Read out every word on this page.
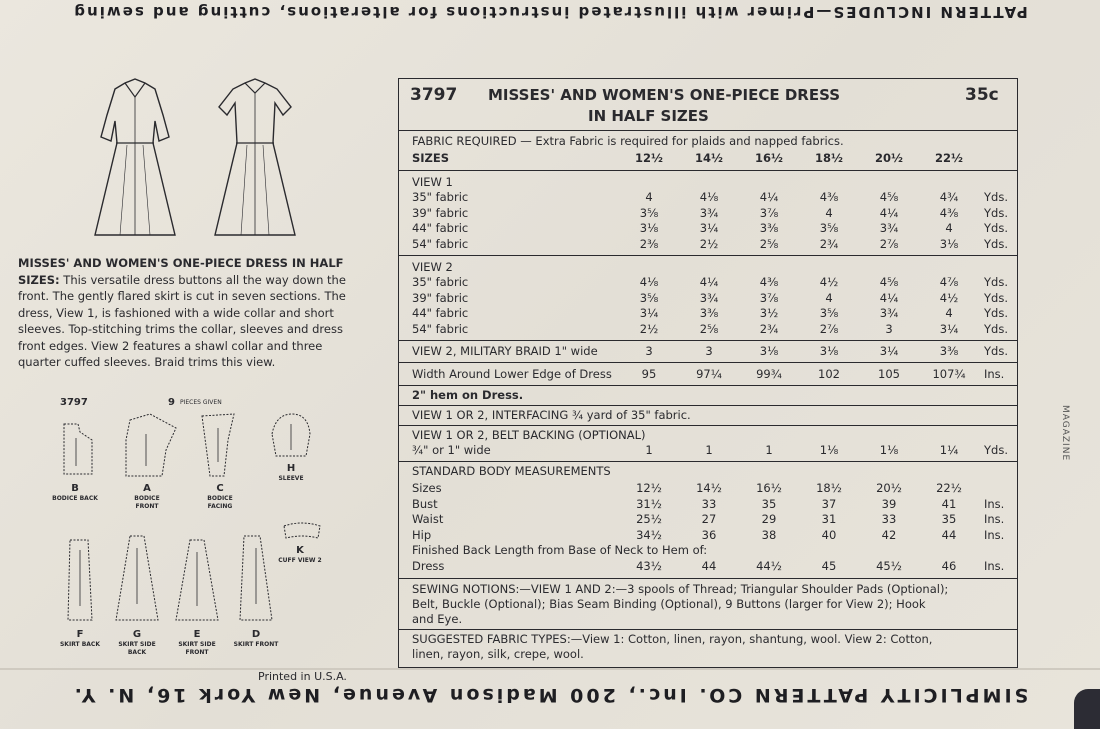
PATTERN INCLUDES—Primer with illustrated instructions for alterations, cutting and sewing
MISSES' AND WOMEN'S ONE-PIECE DRESS IN HALF SIZES: This versatile dress buttons all the way down the front. The gently flared skirt is cut in seven sections. The dress, View 1, is fashioned with a wide collar and short sleeves. Top-stitching trims the collar, sleeves and dress front edges. View 2 features a shawl collar and three quarter cuffed sleeves. Braid trims this view.
3797	9 PIECES GIVEN
B
BODICE BACK
A
BODICE FRONT
C
BODICE FACING
H
SLEEVE
K
CUFF VIEW 2
F
SKIRT BACK
G
SKIRT SIDE BACK
E
SKIRT SIDE FRONT
D
SKIRT FRONT
Printed in U.S.A.
3797 MISSES' AND WOMEN'S ONE-PIECE DRESS
IN HALF SIZES
35c
FABRIC REQUIRED — Extra Fabric is required for plaids and napped fabrics.
SIZES	12½	14½	16½	18½	20½	22½
VIEW 1
35" fabric	4	4⅛	4¼	4⅜	4⅝	4¾	Yds.
39" fabric	3⅝	3¾	3⅞	4	4¼	4⅜	Yds.
44" fabric	3⅛	3¼	3⅜	3⅝	3¾	4	Yds.
54" fabric	2⅜	2½	2⅝	2¾	2⅞	3⅛	Yds.
VIEW 2
35" fabric	4⅛	4¼	4⅜	4½	4⅝	4⅞	Yds.
39" fabric	3⅝	3¾	3⅞	4	4¼	4½	Yds.
44" fabric	3¼	3⅜	3½	3⅝	3¾	4	Yds.
54" fabric	2½	2⅝	2¾	2⅞	3	3¼	Yds.
VIEW 2, MILITARY BRAID 1" wide	3	3	3⅛	3⅛	3¼	3⅜	Yds.
Width Around Lower Edge of Dress	95	97¼	99¾	102	105	107¾	Ins.
2" hem on Dress.
VIEW 1 OR 2, INTERFACING ¾ yard of 35" fabric.
VIEW 1 OR 2, BELT BACKING (OPTIONAL)
¾" or 1" wide	1	1	1	1⅛	1⅛	1¼	Yds.
STANDARD BODY MEASUREMENTS
Sizes	12½	14½	16½	18½	20½	22½
Bust	31½	33	35	37	39	41	Ins.
Waist	25½	27	29	31	33	35	Ins.
Hip	34½	36	38	40	42	44	Ins.
Finished Back Length from Base of Neck to Hem of:
Dress	43½	44	44½	45	45½	46	Ins.
SEWING NOTIONS:—VIEW 1 AND 2:—3 spools of Thread; Triangular Shoulder Pads (Optional);
Belt, Buckle (Optional); Bias Seam Binding (Optional), 9 Buttons (larger for View 2); Hook
and Eye.
SUGGESTED FABRIC TYPES:—View 1: Cotton, linen, rayon, shantung, wool. View 2: Cotton,
linen, rayon, silk, crepe, wool.
MAGAZINE
SIMPLICITY PATTERN CO. Inc., 200 Madison Avenue, New York 16, N. Y.
